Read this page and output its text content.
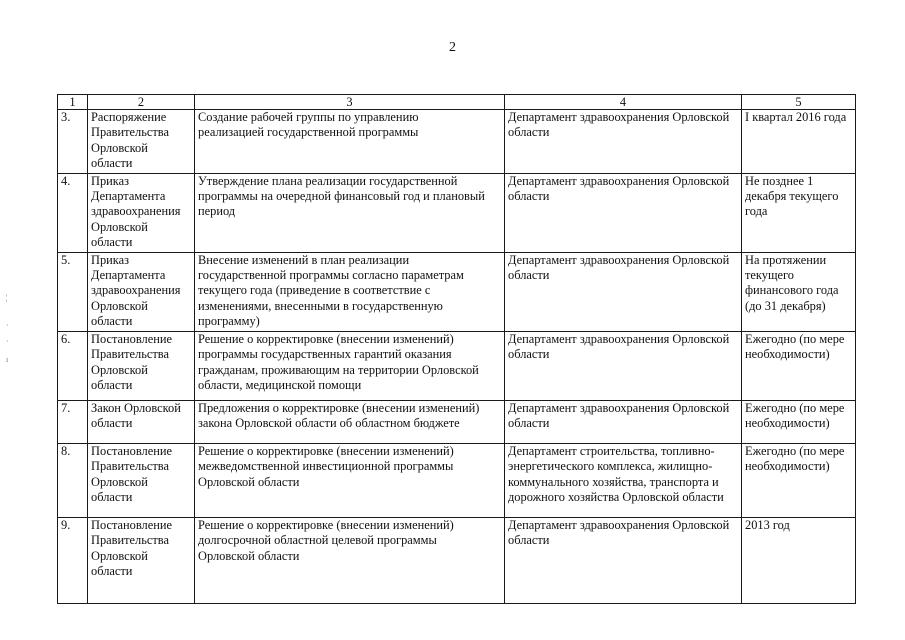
2
¦
·
·
ı
1	2	3	4	5
3.	Распоряжение
Правительства
Орловской
области	Создание рабочей группы по управлению
реализацией государственной программы	Департамент здравоохранения Орловской
области	I квартал 2016 года
4.	Приказ
Департамента
здравоохранения
Орловской
области	Утверждение плана реализации государственной
программы на очередной финансовый год и плановый
период	Департамент здравоохранения Орловской
области	Не позднее 1
декабря текущего
года
5.	Приказ
Департамента
здравоохранения
Орловской
области	Внесение изменений в план реализации
государственной программы согласно параметрам
текущего года (приведение в соответствие с
изменениями, внесенными в государственную
программу)	Департамент здравоохранения Орловской
области	На протяжении
текущего
финансового года
(до 31 декабря)
6.	Постановление
Правительства
Орловской
области	Решение о корректировке (внесении изменений)
программы государственных гарантий оказания
гражданам, проживающим на территории Орловской
области, медицинской помощи	Департамент здравоохранения Орловской
области	Ежегодно (по мере
необходимости)
7.	Закон Орловской
области	Предложения о корректировке (внесении изменений)
закона Орловской области об областном бюджете	Департамент здравоохранения Орловской
области	Ежегодно (по мере
необходимости)
8.	Постановление
Правительства
Орловской
области	Решение о корректировке (внесении изменений)
межведомственной инвестиционной программы
Орловской области	Департамент строительства, топливно-
энергетического комплекса, жилищно-
коммунального хозяйства, транспорта и
дорожного хозяйства Орловской области	Ежегодно (по мере
необходимости)
9.	Постановление
Правительства
Орловской
области	Решение о корректировке (внесении изменений)
долгосрочной областной целевой программы
Орловской области	Департамент здравоохранения Орловской
области	2013 год
